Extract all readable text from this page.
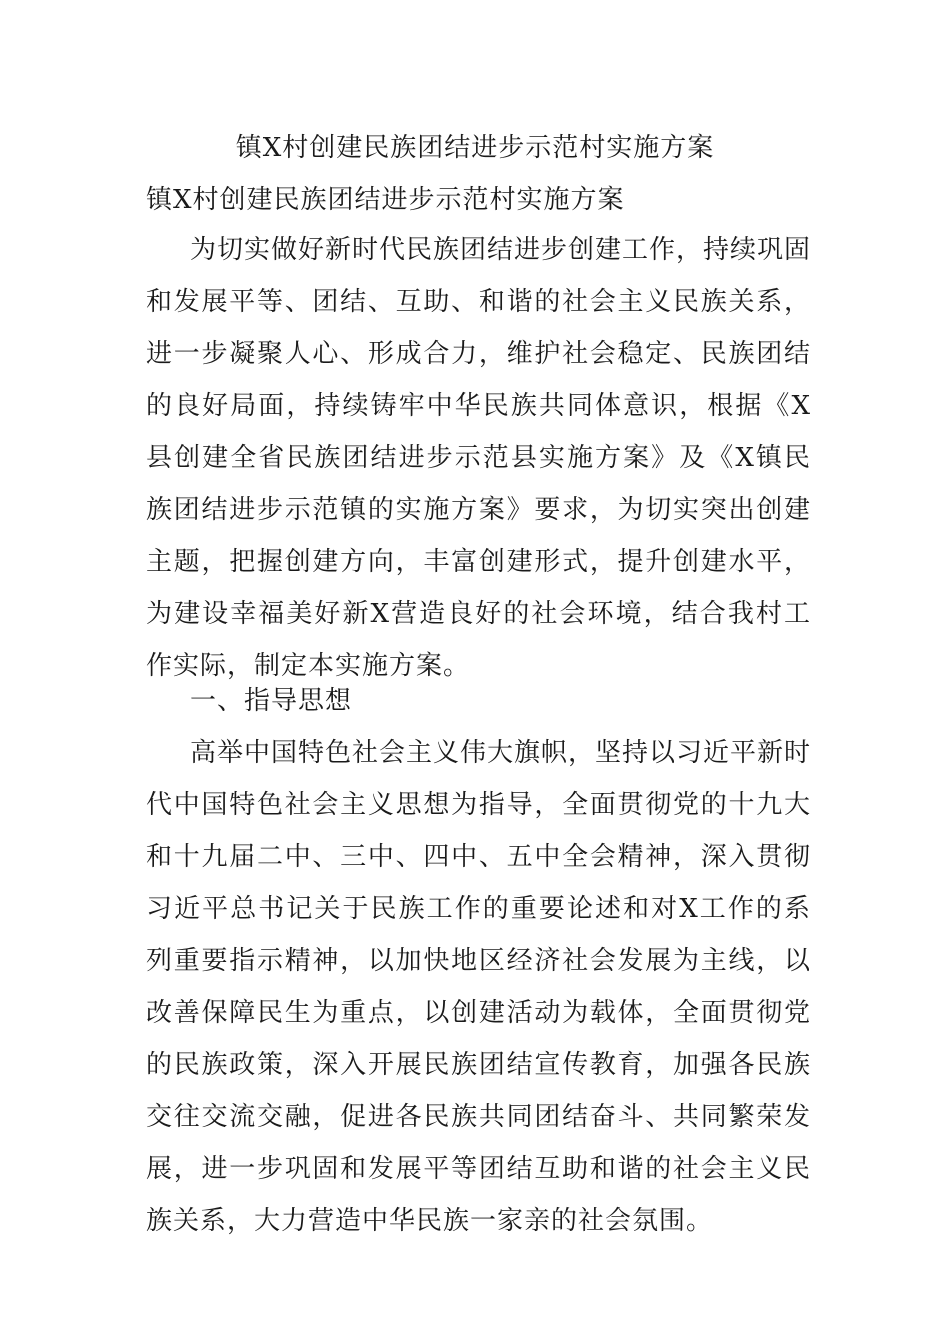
镇X村创建民族团结进步示范村实施方案
镇X村创建民族团结进步示范村实施方案

为切实做好新时代民族团结进步创建工作，持续巩固和发展平等、团结、互助、和谐的社会主义民族关系，进一步凝聚人心、形成合力，维护社会稳定、民族团结的良好局面，持续铸牢中华民族共同体意识，根据《X县创建全省民族团结进步示范县实施方案》及《X镇民族团结进步示范镇的实施方案》要求，为切实突出创建主题，把握创建方向，丰富创建形式，提升创建水平，为建设幸福美好新X营造良好的社会环境，结合我村工作实际，制定本实施方案。

一、指导思想

高举中国特色社会主义伟大旗帜，坚持以习近平新时代中国特色社会主义思想为指导，全面贯彻党的十九大和十九届二中、三中、四中、五中全会精神，深入贯彻习近平总书记关于民族工作的重要论述和对X工作的系列重要指示精神，以加快地区经济社会发展为主线，以改善保障民生为重点，以创建活动为载体，全面贯彻党的民族政策，深入开展民族团结宣传教育，加强各民族交往交流交融，促进各民族共同团结奋斗、共同繁荣发展，进一步巩固和发展平等团结互助和谐的社会主义民族关系，大力营造中华民族一家亲的社会氛围。
